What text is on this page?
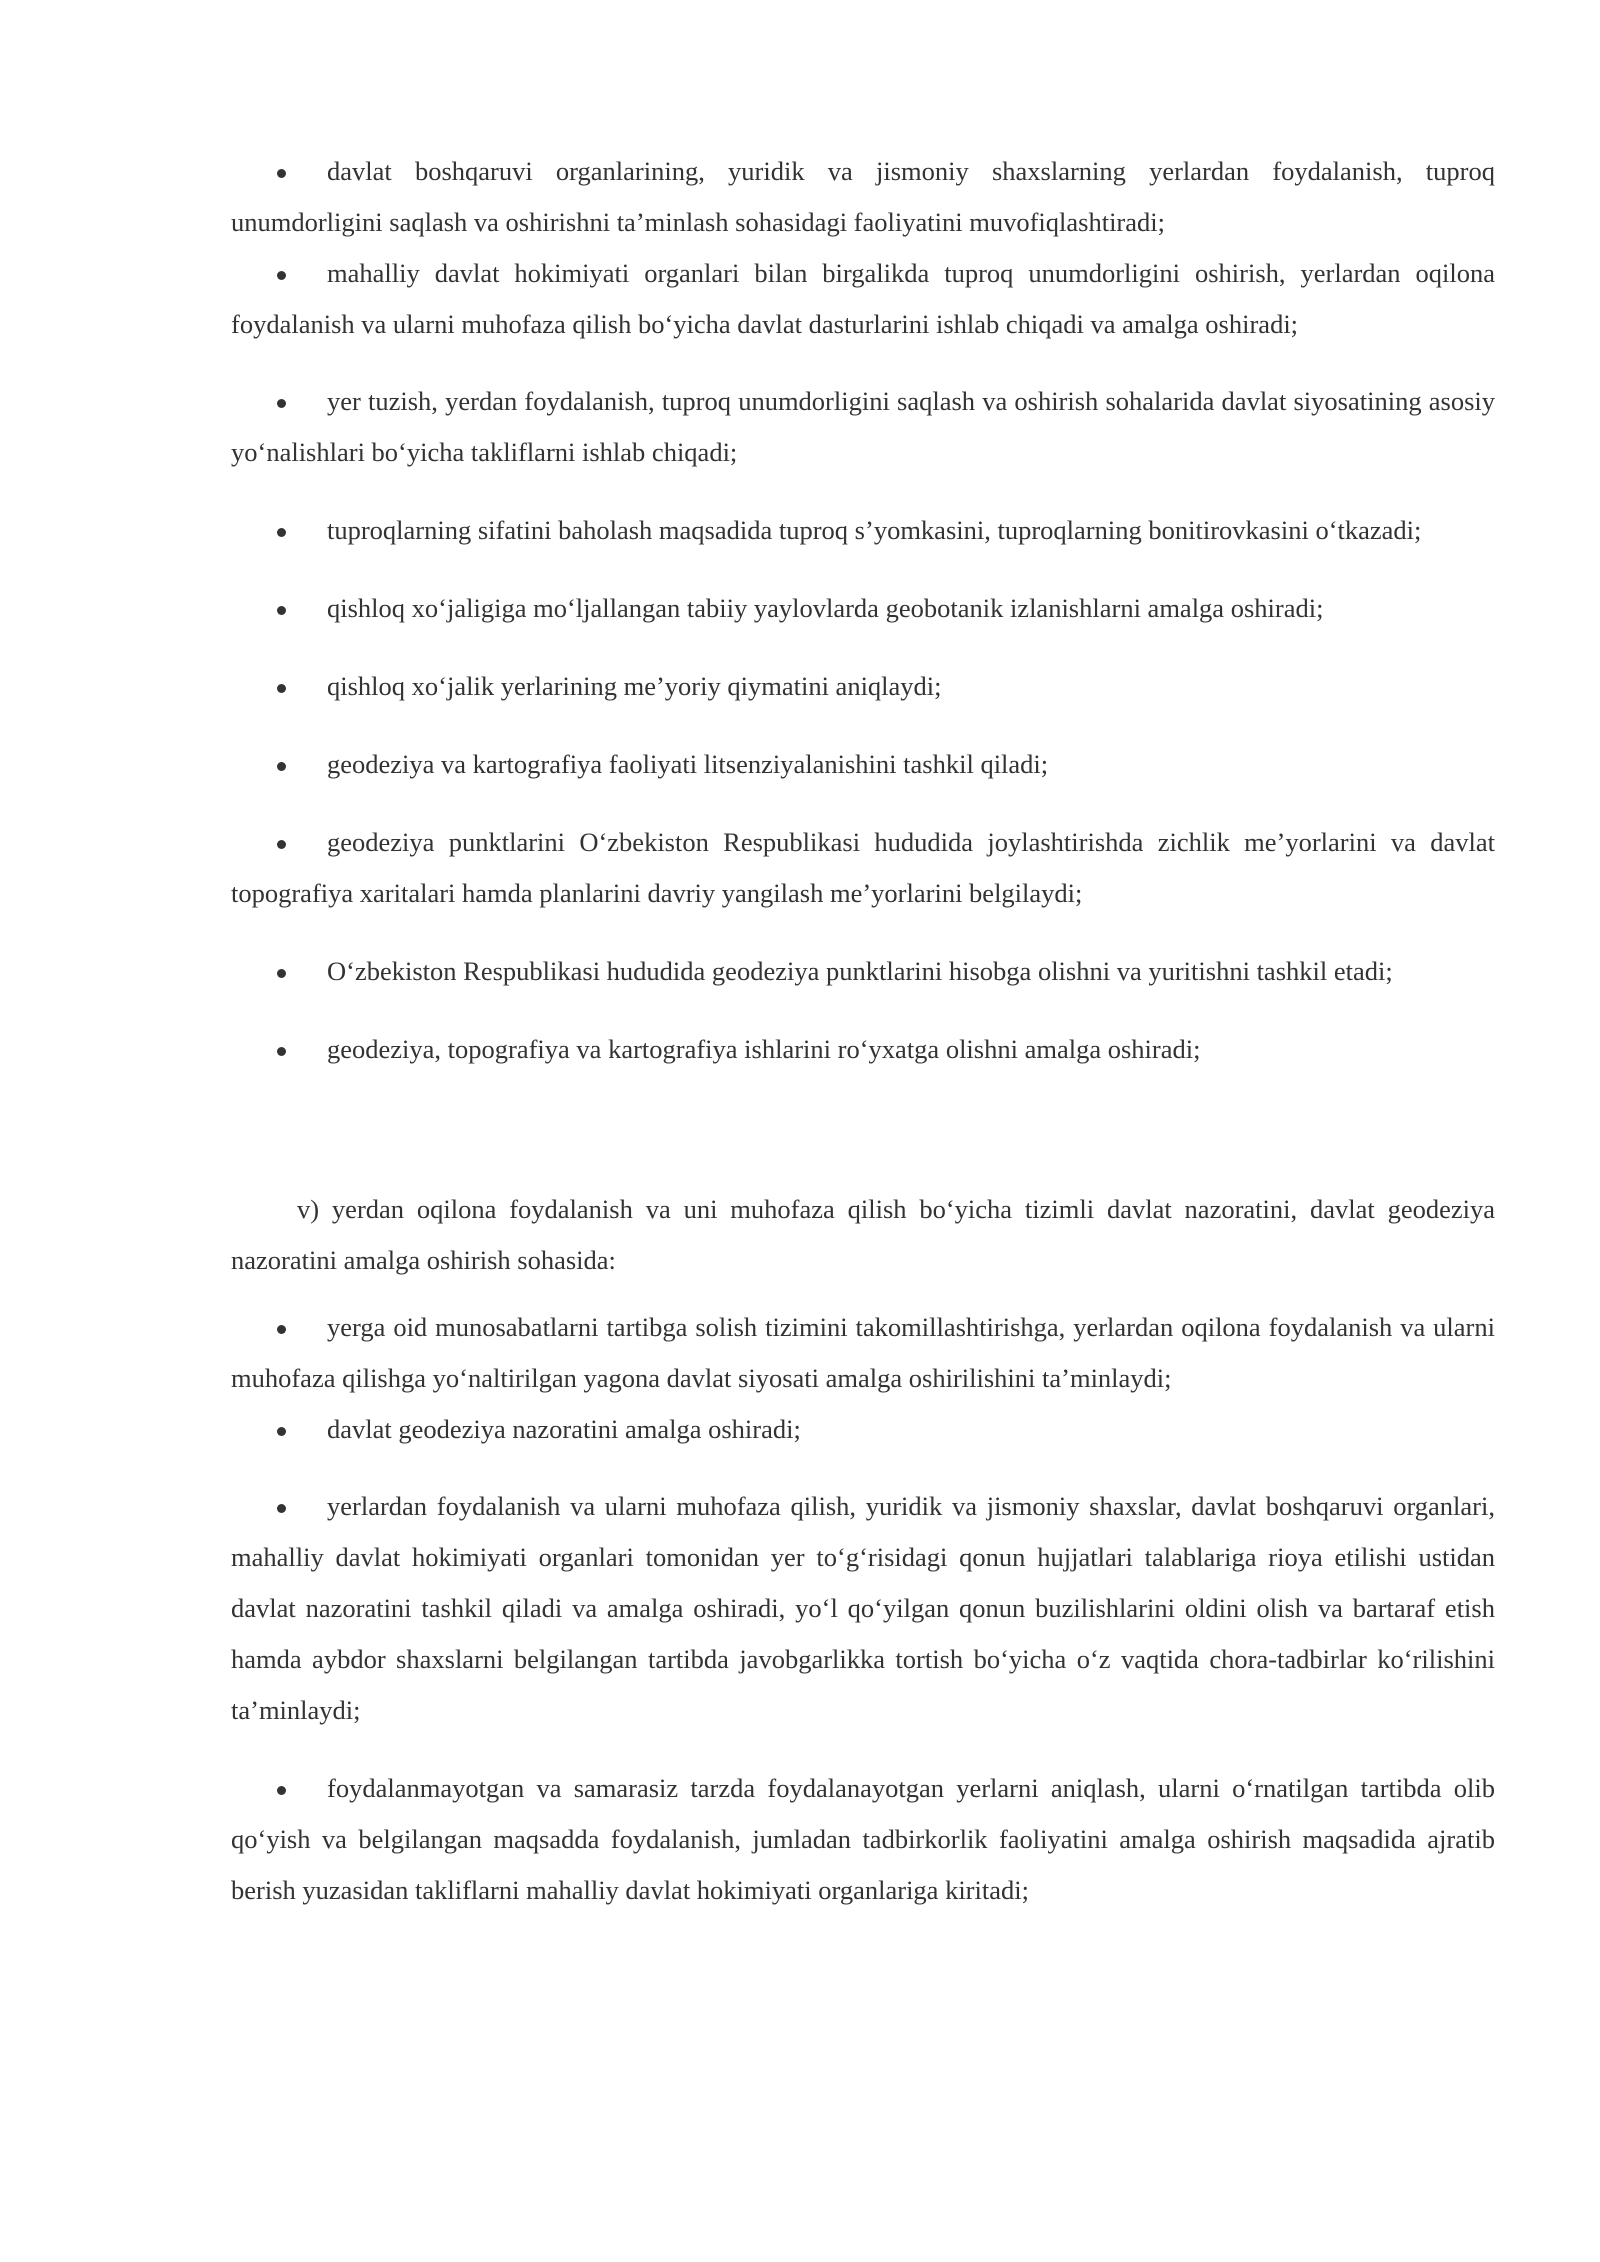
davlat boshqaruvi organlarining, yuridik va jismoniy shaxslarning yerlardan foydalanish, tuproq unumdorligini saqlash va oshirishni ta’minlash sohasidagi faoliyatini muvofiqlashtiradi;

mahalliy davlat hokimiyati organlari bilan birgalikda tuproq unumdorligini oshirish, yerlardan oqilona foydalanish va ularni muhofaza qilish bo‘yicha davlat dasturlarini ishlab chiqadi va amalga oshiradi;

yer tuzish, yerdan foydalanish, tuproq unumdorligini saqlash va oshirish sohalarida davlat siyosatining asosiy yo‘nalishlari bo‘yicha takliflarni ishlab chiqadi;

tuproqlarning sifatini baholash maqsadida tuproq s’yomkasini, tuproqlarning bonitirovkasini o‘tkazadi;

qishloq xo‘jaligiga mo‘ljallangan tabiiy yaylovlarda geobotanik izlanishlarni amalga oshiradi;

qishloq xo‘jalik yerlarining me’yoriy qiymatini aniqlaydi;

geodeziya va kartografiya faoliyati litsenziyalanishini tashkil qiladi;

geodeziya punktlarini O‘zbekiston Respublikasi hududida joylashtirishda zichlik me’yorlarini va davlat topografiya xaritalari hamda planlarini davriy yangilash me’yorlarini belgilaydi;

O‘zbekiston Respublikasi hududida geodeziya punktlarini hisobga olishni va yuritishni tashkil etadi;

geodeziya, topografiya va kartografiya ishlarini ro‘yxatga olishni amalga oshiradi;

v) yerdan oqilona foydalanish va uni muhofaza qilish bo‘yicha tizimli davlat nazoratini, davlat geodeziya nazoratini amalga oshirish sohasida:

yerga oid munosabatlarni tartibga solish tizimini takomillashtirishga, yerlardan oqilona foydalanish va ularni muhofaza qilishga yo‘naltirilgan yagona davlat siyosati amalga oshirilishini ta’minlaydi;

davlat geodeziya nazoratini amalga oshiradi;

yerlardan foydalanish va ularni muhofaza qilish, yuridik va jismoniy shaxslar, davlat boshqaruvi organlari, mahalliy davlat hokimiyati organlari tomonidan yer to‘g‘risidagi qonun hujjatlari talablariga rioya etilishi ustidan davlat nazoratini tashkil qiladi va amalga oshiradi, yo‘l qo‘yilgan qonun buzilishlarini oldini olish va bartaraf etish hamda aybdor shaxslarni belgilangan tartibda javobgarlikka tortish bo‘yicha o‘z vaqtida chora-tadbirlar ko‘rilishini ta’minlaydi;

foydalanmayotgan va samarasiz tarzda foydalanayotgan yerlarni aniqlash, ularni o‘rnatilgan tartibda olib qo‘yish va belgilangan maqsadda foydalanish, jumladan tadbirkorlik faoliyatini amalga oshirish maqsadida ajratib berish yuzasidan takliflarni mahalliy davlat hokimiyati organlariga kiritadi;
